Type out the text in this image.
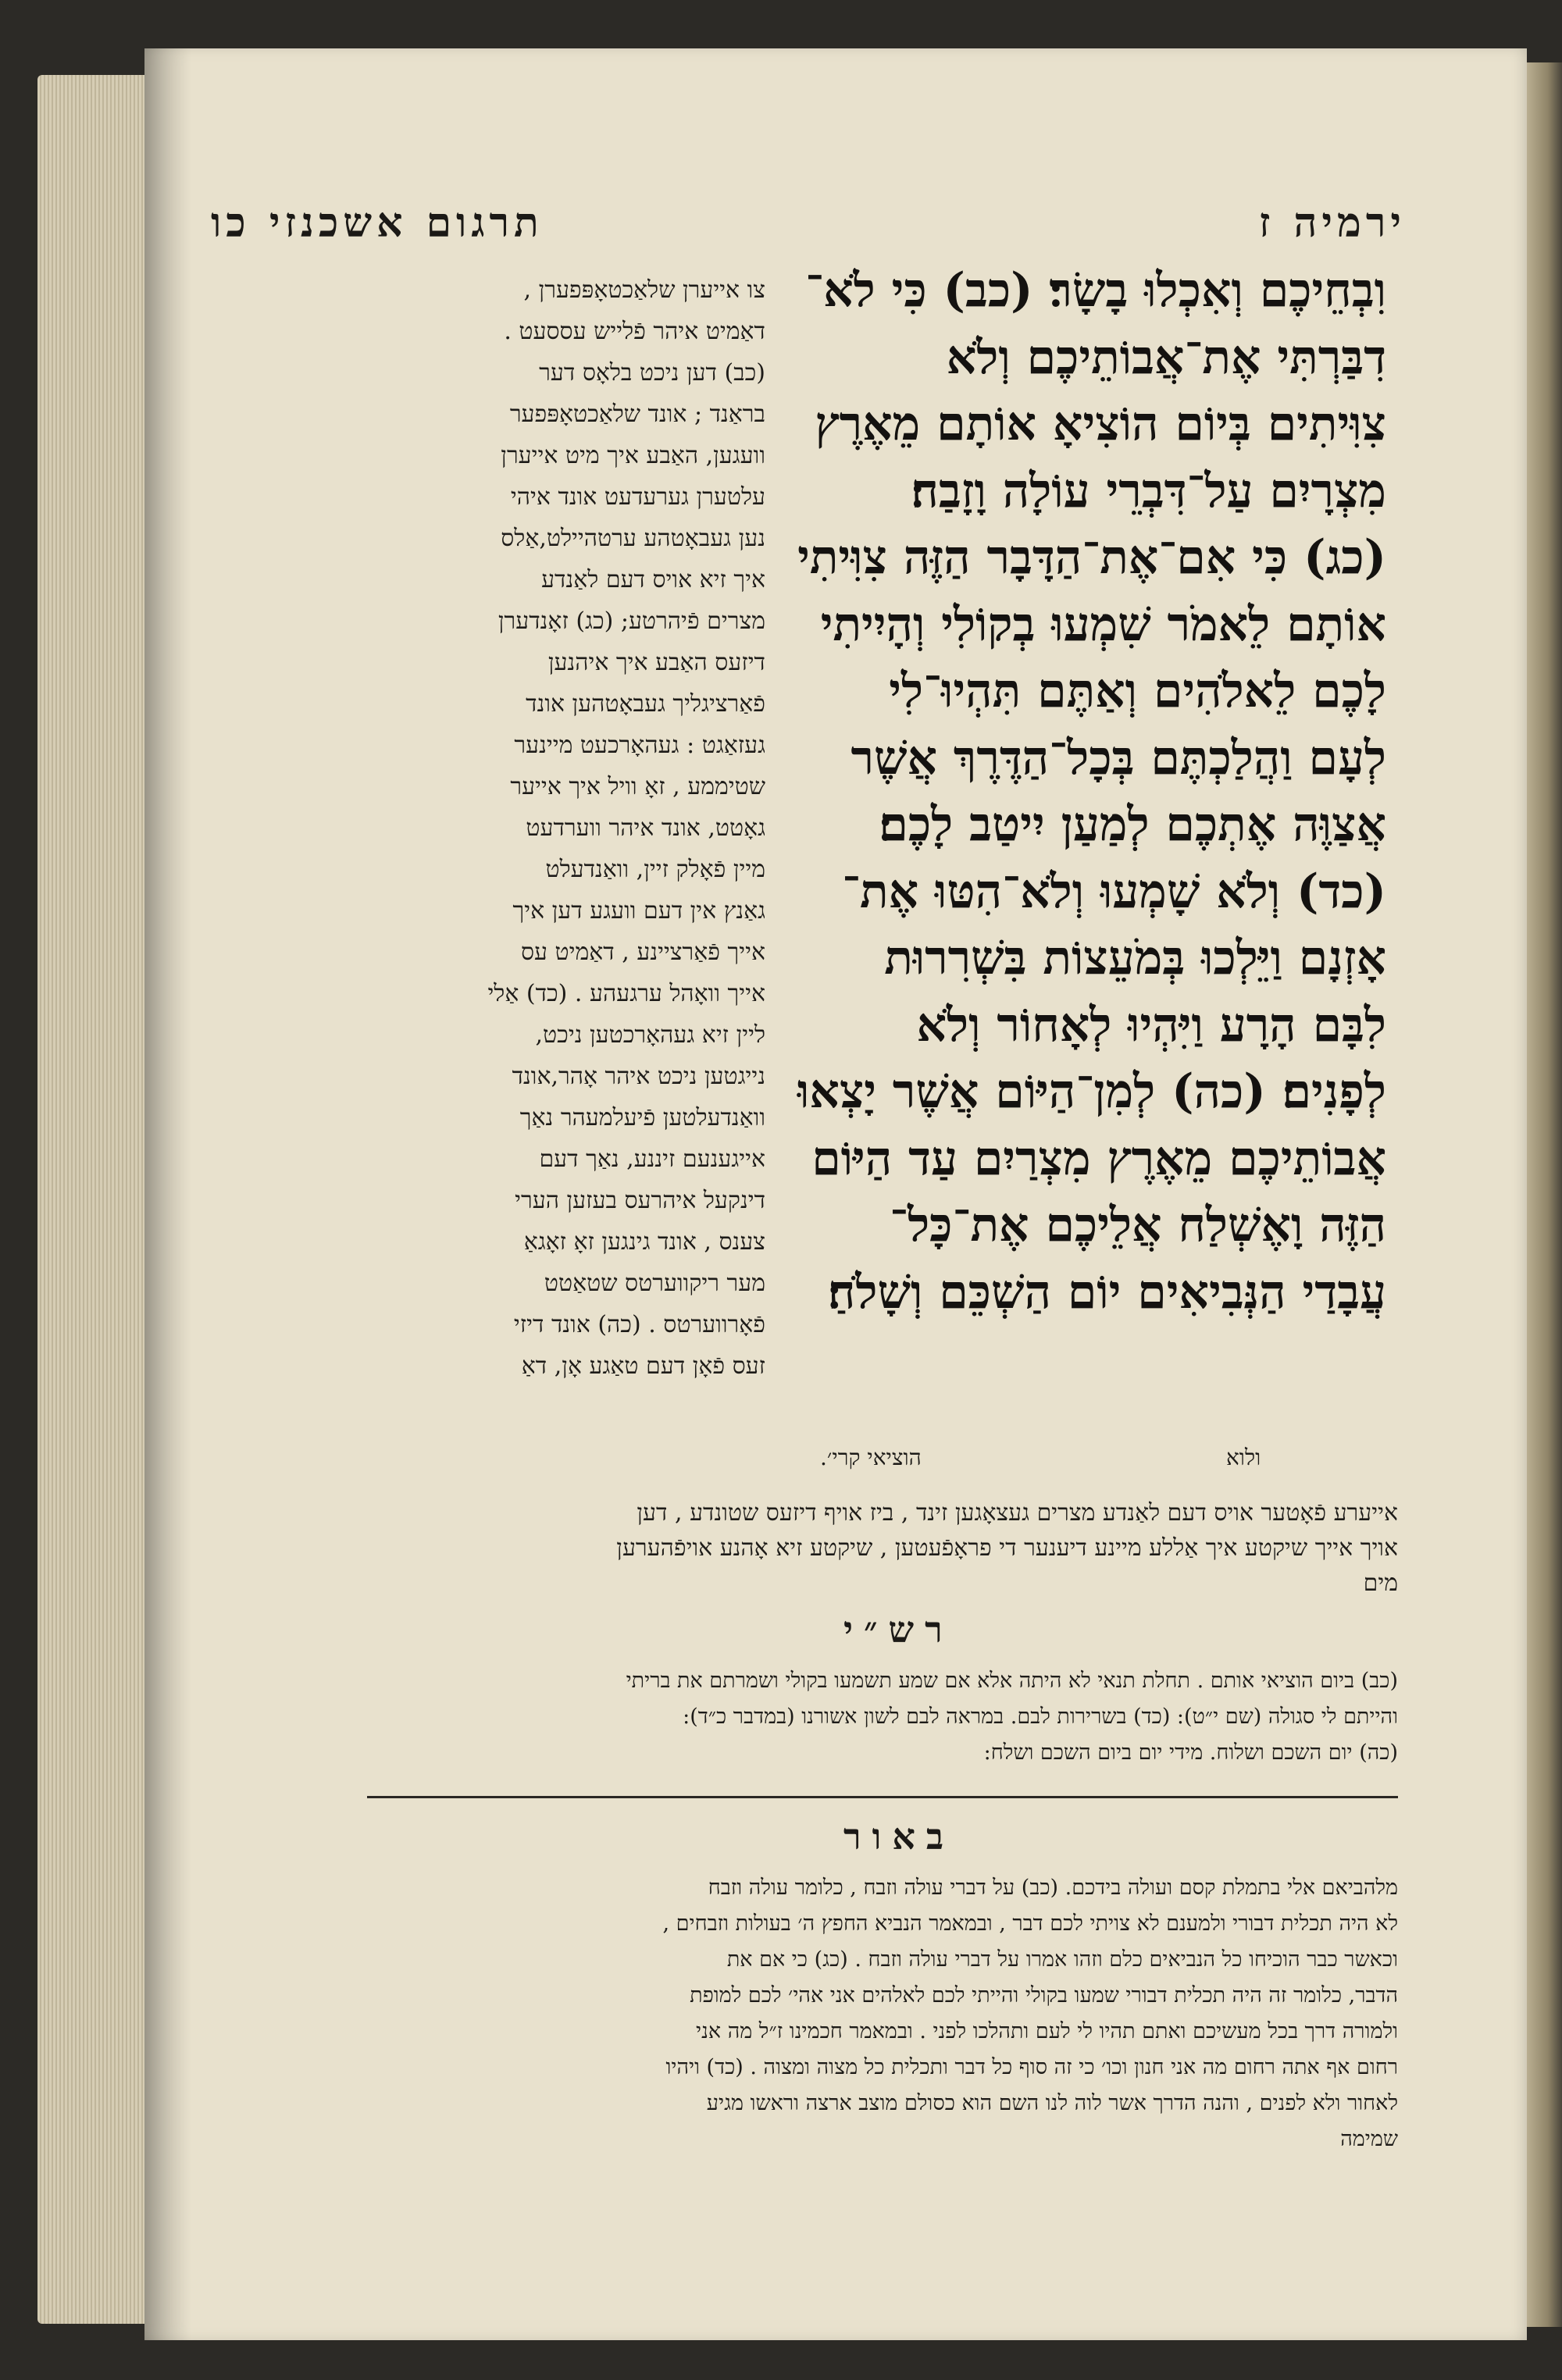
ירמיה ז
תרגום אשכנזי כו
וִבְחֵיכֶם וְאִכְלוּ בָשָׂר׃ (כב) כִּי לֹא־
דִבַּרְתִּי אֶת־אֲבוֹתֵיכֶם וְלֹא
צִוִּיתִים בְּיוֹם הוֹצִיאָ אוֹתָם מֵאֶרֶץ
מִצְרָיִם עַל־דִּבְרֵי עוֹלָה וָזָבַח׃
(כג) כִּי אִם־אֶת־הַדָּבָר הַזֶּה צִוִּיתִי
אוֹתָם לֵאמֹר שִׁמְעוּ בְקוֹלִי וְהָיִיתִי
לָכֶם לֵאלֹהִים וְאַתֶּם תִּהְיוּ־לִי
לְעָם וַהֲלַכְתֶּם בְּכָל־הַדֶּרֶךְ אֲשֶׁר
אֲצַוֶּה אֶתְכֶם לְמַעַן יִיטַב לָכֶם׃
(כד) וְלֹא שָׁמְעוּ וְלֹא־הִטּוּ אֶת־
אָזְנָם וַיֵּלְכוּ בְּמֹעֵצוֹת בִּשְׁרִרוּת
לִבָּם הָרָע וַיִּהְיוּ לְאָחוֹר וְלֹא
לְפָנִים׃ (כה) לְמִן־הַיּוֹם אֲשֶׁר יָצְאוּ
אֲבוֹתֵיכֶם מֵאֶרֶץ מִצְרַיִם עַד הַיּוֹם
הַזֶּה וָאֶשְׁלַח אֲלֵיכֶם אֶת־כָּל־
עֲבָדַי הַנְּבִיאִים יוֹם הַשְׁכֵּם וְשָׁלֹחַ׃
צו אייערן שלאַכטאָפּפערן ,
דאַמיט איהר פֿלייש עססעט .
(כב) דען ניכט בלאָס דער
בראַנד ; אונד שלאַכטאָפּפער
וועגען, האַבע איך מיט אייערן
עלטערן גערעדעט אונד איהי
נען געבאָטהע ערטהיילט,אַלס
איך זיא אויס דעם לאַנדע
מצרים פֿיהרטע; (כג) זאָנדערן
דיזעס האַבע איך איהנען
פֿאַרציגליך געבאָטהען אונד
געזאַגט : געהאָרכעט מיינער
שטיממע , זאָ וויל איך אייער
גאָטט, אונד איהר ווערדעט
מיין פֿאָלק זיין, וואַנדעלט
גאַנץ אין דעם וועגע דען איך
אייך פֿאַרציינע , דאַמיט עס
אייך וואָהל ערגעהע . (כד) אַלי
ליין זיא געהאָרכטען ניכט,
נייגטען ניכט איהר אָהר,אונד
וואַנדעלטען פֿיעלמעהר נאַך
אייגענעם זיננע, נאַך דעם
דינקעל איהרעס בעזען הערי
צענס , אונד גינגען זאָ זאָגאַ
מער ריקווערטס שטאַטט
פֿאָרווערטס . (כה) אונד דיזי
זעס פֿאָן דעם טאַגע אָן, דאַ
הוציאי קרי׳.	ולוא
אייערע פֿאָטער אויס דעם לאַנדע מצרים געצאָגען זינד , ביז אויף דיזעס שטונדע , דען
אויך אייך שיקטע איך אַללע מיינע דיענער די פראָפֿעטען , שיקטע זיא אָהנע אויפֿהערען
מים
רש״י
(כב) ביום הוציאי אותם . תחלת תנאי לא היתה אלא אם שמע תשמעו בקולי ושמרתם את בריתי
והייתם לי סגולה (שם י״ט): (כד) בשרירות לבם. במראה לבם לשון אשורנו (במדבר כ״ד):
(כה) יום השכם ושלוח. מידי יום ביום השכם ושלח:
באור
מלהביאם אלי בתמלת קסם ועולה בידכם. (כב) על דברי עולה וזבח , כלומר עולה וזבח
לא היה תכלית דבורי ולמענם לא צויתי לכם דבר , ובמאמר הנביא החפץ ה׳ בעולות וזבחים ,
וכאשר כבר הוכיחו כל הנביאים כלם וזהו אמרו על דברי עולה וזבח . (כג) כי אם את
הדבר, כלומר זה היה תכלית דבורי שמעו בקולי והייתי לכם לאלהים אני אהי׳ לכם למופת
ולמורה דרך בכל מעשיכם ואתם תהיו לי לעם ותהלכו לפני . ובמאמר חכמינו ז״ל מה אני
רחום אף אתה רחום מה אני חנון וכו׳ כי זה סוף כל דבר ותכלית כל מצוה ומצוה . (כד) ויהיו
לאחור ולא לפנים , והנה הדרך אשר לוה לנו השם הוא כסולם מוצב ארצה וראשו מגיע
שמימה
